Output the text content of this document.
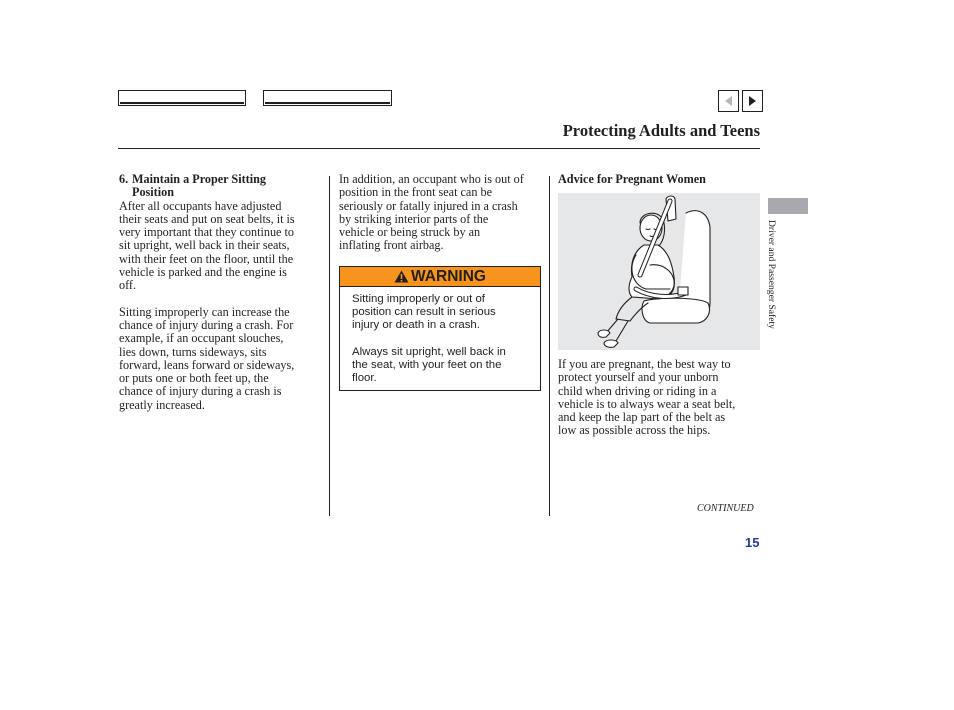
Protecting Adults and Teens
6. Maintain a Proper Sitting
Position

After all occupants have adjusted
their seats and put on seat belts, it is
very important that they continue to
sit upright, well back in their seats,
with their feet on the floor, until the
vehicle is parked and the engine is
off.

Sitting improperly can increase the
chance of injury during a crash. For
example, if an occupant slouches,
lies down, turns sideways, sits
forward, leans forward or sideways,
or puts one or both feet up, the
chance of injury during a crash is
greatly increased.

In addition, an occupant who is out of
position in the front seat can be
seriously or fatally injured in a crash
by striking interior parts of the
vehicle or being struck by an
inflating front airbag.

WARNING

Sitting improperly or out of
position can result in serious
injury or death in a crash.

Always sit upright, well back in
the seat, with your feet on the
floor.

Advice for Pregnant Women

If you are pregnant, the best way to
protect yourself and your unborn
child when driving or riding in a
vehicle is to always wear a seat belt,
and keep the lap part of the belt as
low as possible across the hips.

CONTINUED
15
Driver and Passenger Safety
